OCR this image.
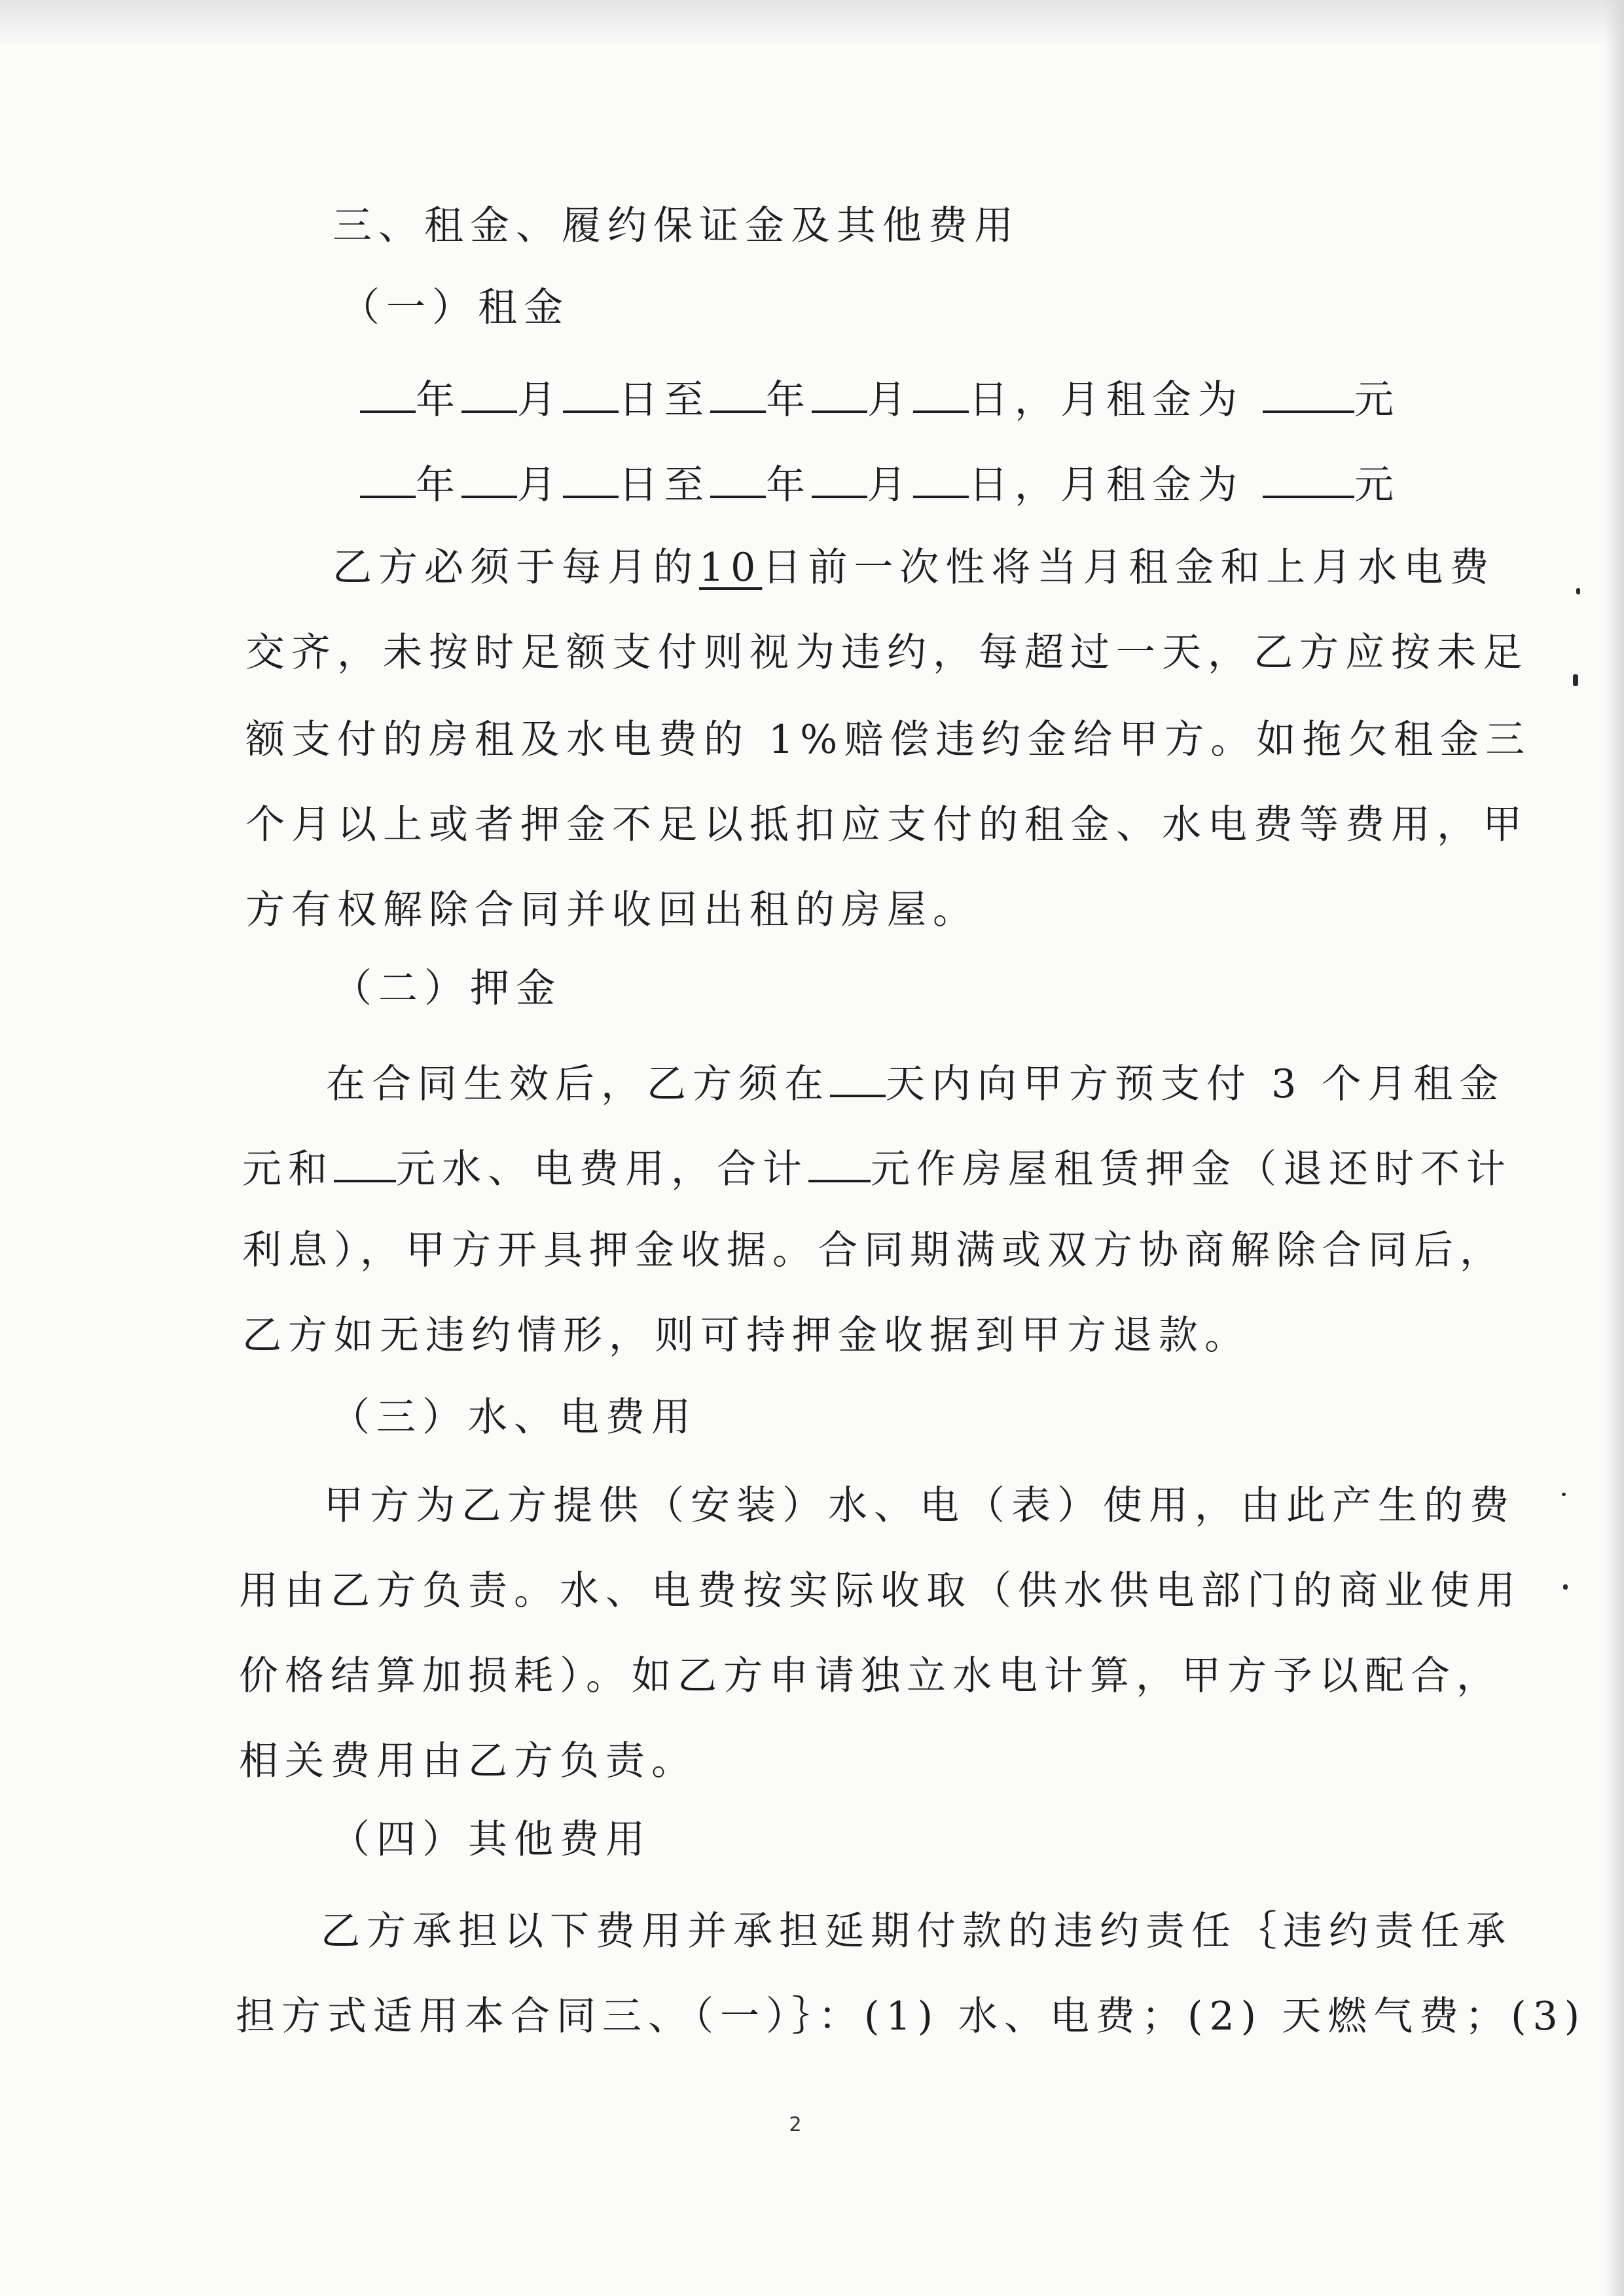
三、租金、履约保证金及其他费用
（一）租金
年 月 日至 年 月 日，月租金为	元
年 月 日至 年 月 日，月租金为	元
乙方必须于每月的10日前一次性将当月租金和上月水电费
交齐，未按时足额支付则视为违约，每超过一天，乙方应按未足
额支付的房租及水电费的 1%赔偿违约金给甲方。如拖欠租金三
个月以上或者押金不足以抵扣应支付的租金、水电费等费用，甲
方有权解除合同并收回出租的房屋。
（二）押金
在合同生效后，乙方须在 天内向甲方预支付 3 个月租金
元和 元水、电费用，合计 元作房屋租赁押金（退还时不计
利息），甲方开具押金收据。合同期满或双方协商解除合同后，
乙方如无违约情形，则可持押金收据到甲方退款。
（三）水、电费用
甲方为乙方提供（安装）水、电（表）使用，由此产生的费
用由乙方负责。水、电费按实际收取（供水供电部门的商业使用
价格结算加损耗）。如乙方申请独立水电计算，甲方予以配合，
相关费用由乙方负责。
（四）其他费用
乙方承担以下费用并承担延期付款的违约责任｛违约责任承
担方式适用本合同三、（一）｝：(1) 水、电费；(2) 天燃气费；(3)
2
